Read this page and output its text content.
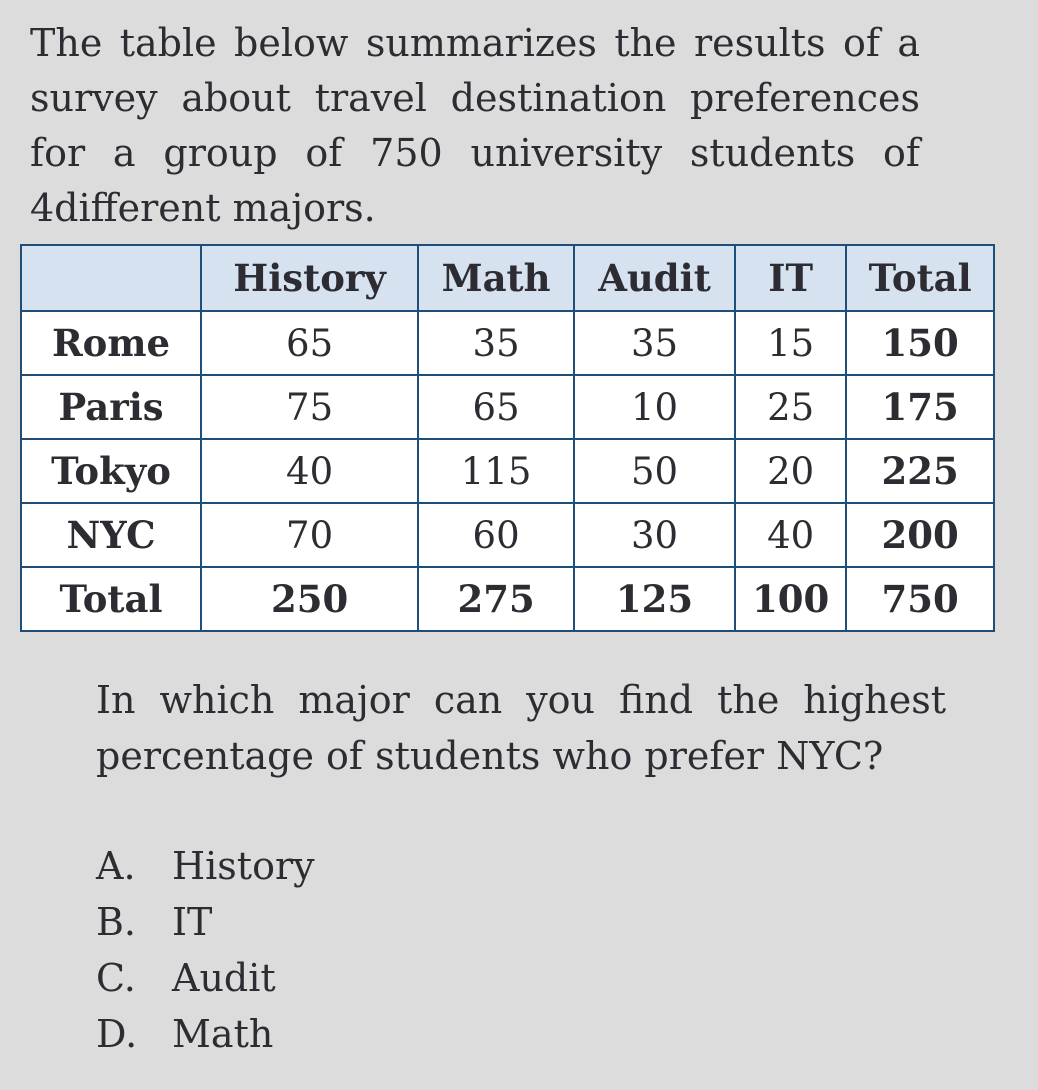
The table below summarizes the results of a survey about travel destination preferences for a group of 750 university students of 4different majors.

	History	Math	Audit	IT	Total
Rome	65	35	35	15	150
Paris	75	65	10	25	175
Tokyo	40	115	50	20	225
NYC	70	60	30	40	200
Total	250	275	125	100	750

In which major can you find the highest percentage of students who prefer NYC?

A. History
B. IT
C. Audit
D. Math
